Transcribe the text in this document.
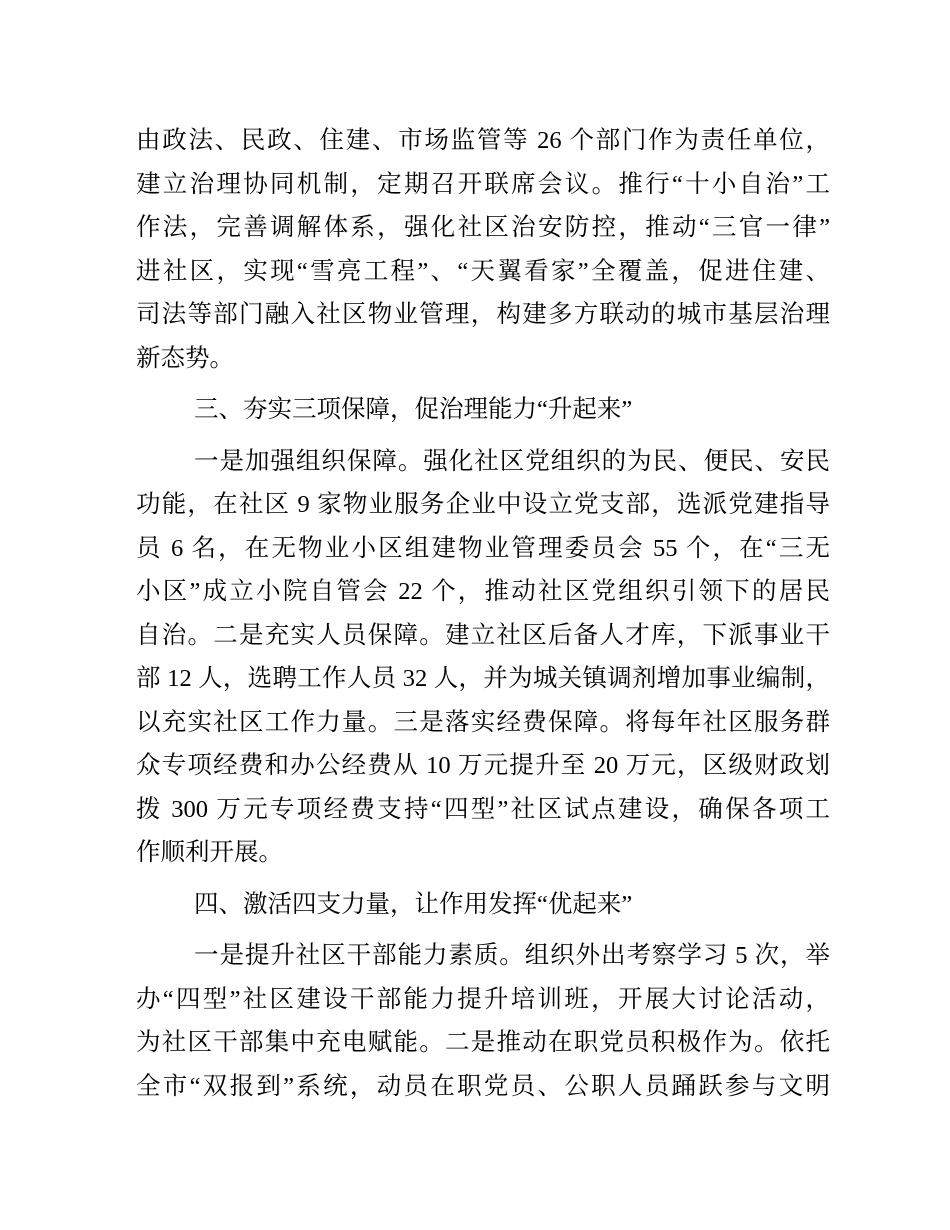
由政法、民政、住建、市场监管等 26 个部门作为责任单位，
建立治理协同机制，定期召开联席会议。推行“十小自治”工
作法，完善调解体系，强化社区治安防控，推动“三官一律”
进社区，实现“雪亮工程”、“天翼看家”全覆盖，促进住建、
司法等部门融入社区物业管理，构建多方联动的城市基层治理
新态势。
三、夯实三项保障，促治理能力“升起来”
一是加强组织保障。强化社区党组织的为民、便民、安民
功能，在社区 9 家物业服务企业中设立党支部，选派党建指导
员 6 名，在无物业小区组建物业管理委员会 55 个，在“三无
小区”成立小院自管会 22 个，推动社区党组织引领下的居民
自治。二是充实人员保障。建立社区后备人才库，下派事业干
部 12 人，选聘工作人员 32 人，并为城关镇调剂增加事业编制，
以充实社区工作力量。三是落实经费保障。将每年社区服务群
众专项经费和办公经费从 10 万元提升至 20 万元，区级财政划
拨 300 万元专项经费支持“四型”社区试点建设，确保各项工
作顺利开展。
四、激活四支力量，让作用发挥“优起来”
一是提升社区干部能力素质。组织外出考察学习 5 次，举
办“四型”社区建设干部能力提升培训班，开展大讨论活动，
为社区干部集中充电赋能。二是推动在职党员积极作为。依托
全市“双报到”系统，动员在职党员、公职人员踊跃参与文明
